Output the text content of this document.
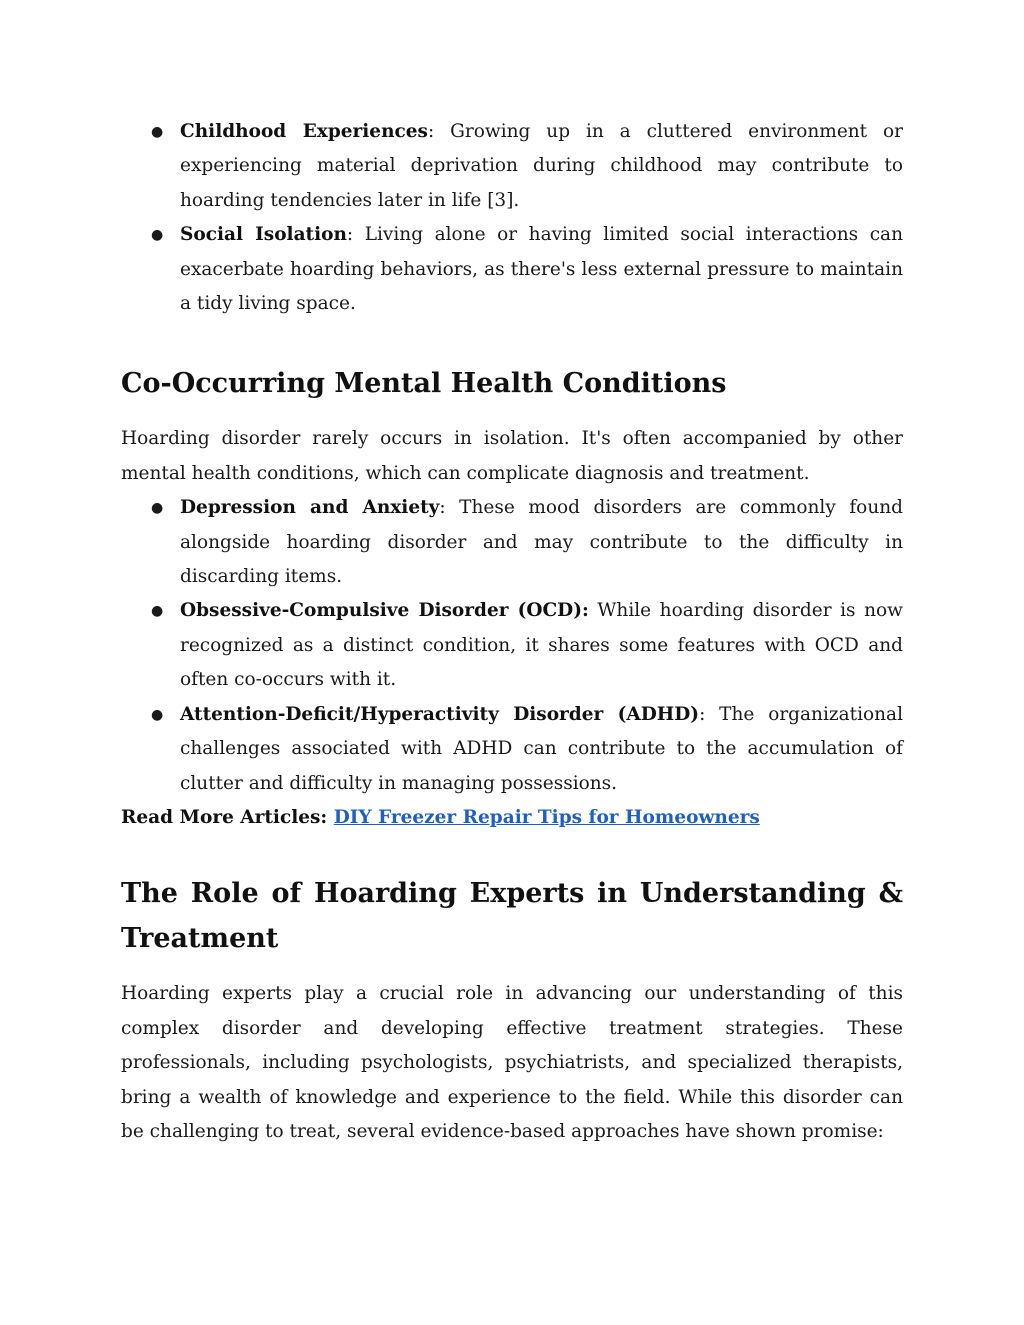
● Childhood Experiences: Growing up in a cluttered environment or experiencing material deprivation during childhood may contribute to hoarding tendencies later in life [3].
● Social Isolation: Living alone or having limited social interactions can exacerbate hoarding behaviors, as there's less external pressure to maintain a tidy living space.
Co-Occurring Mental Health Conditions

Hoarding disorder rarely occurs in isolation. It's often accompanied by other mental health conditions, which can complicate diagnosis and treatment.

● Depression and Anxiety: These mood disorders are commonly found alongside hoarding disorder and may contribute to the difficulty in discarding items.
● Obsessive-Compulsive Disorder (OCD): While hoarding disorder is now recognized as a distinct condition, it shares some features with OCD and often co-occurs with it.
● Attention-Deficit/Hyperactivity Disorder (ADHD): The organizational challenges associated with ADHD can contribute to the accumulation of clutter and difficulty in managing possessions.

Read More Articles: DIY Freezer Repair Tips for Homeowners

The Role of Hoarding Experts in Understanding & Treatment

Hoarding experts play a crucial role in advancing our understanding of this complex disorder and developing effective treatment strategies. These professionals, including psychologists, psychiatrists, and specialized therapists, bring a wealth of knowledge and experience to the field. While this disorder can be challenging to treat, several evidence-based approaches have shown promise:
